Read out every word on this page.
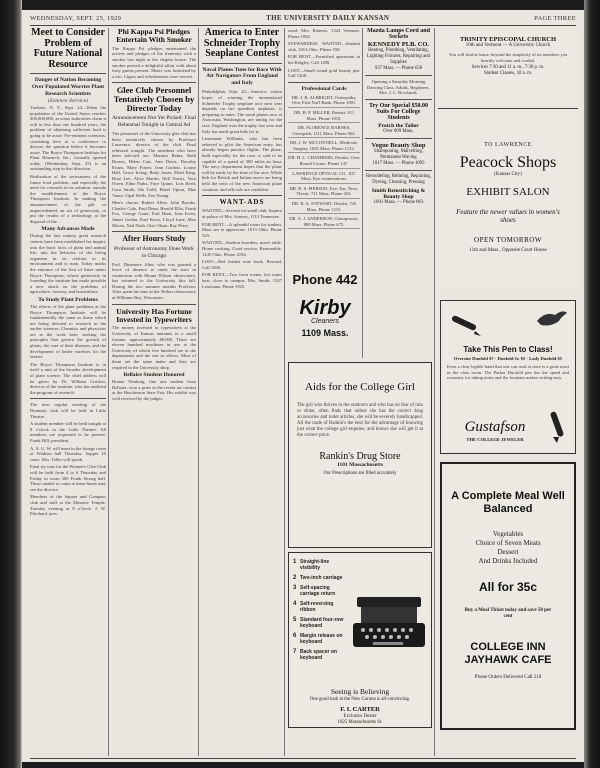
WEDNESDAY, SEPT. 25, 1929	THE UNIVERSITY DAILY KANSAN	PAGE THREE
Meet to Consider Problem of Future National Resource
Danger of Nation Becoming Over Populated Worries Plant Research Scientists
(Science Service)
Yonkers, N. Y., Sept. 24—When the population of the United States reaches 200,000,000, as some authorities claim it will in less than one hundred years, the problem of obtaining sufficient food is going to be acute. Pre-eminent scientists, convening here in a conference to discuss the question before it becomes acute. The Boyce Thompson Institute for Plant Research, Inc., formally opened today. (Wednesday, Sept. 25) is an outstanding step in that direction.
Realization of the seriousness of the future food problem, and especially the need for research in its solution, outside the establishment of the Boyce Thompson Institute. In making the announcement of the gift so unprecedented, an act of generosity, to put the results of a technology at the disposal of the ...
Many Advances Made
During the last century great research centers have been established for inquiry into the basic facts of plant and animal life, into the behavior of the living organism in its relation to its environment and to man. Today marks the entrance of the first of these under Boyce Thompson, whose generosity in founding the institute has made possible a new attack on the problems of agriculture, forestry, and horticulture.
To Study Plant Problems
The efforts of the plant problems at the Boyce Thompson Institute will be fundamentally the same as those which are being devoted to research in the earlier sciences. Chemists and physicists are at the work here, seeking the principles that govern the growth of plants, the cure of their diseases, and the development of better varieties for the farmer.
The Boyce Thompson Institute is in itself a unit of the broader development of plant science. The chief address will be given by Dr. William Crocker, director of the institute, who has outlined the program of research.
The next regular meeting of the Dramatic club will be held in Little Theatre.
A student member will be held tonight at 8 o'clock in the Little Theatre. All members are requested to be present. Frank Hill, president.
A. A. U. W. will meet in the lounge room of Watkins hall Thursday. Supper 25 cents. Mrs. Teller will speak.
Final try-outs for the Women's Glee Club will be held from 4 to 6 Thursday and Friday in room 300 Frank Strong hall. Those unable to come at these hours may see the director.
Members of the Square and Compass club and staff at the Masonic Temple. Tuesday evening at 8 o'clock. J. W. Pritchard, pres.
Phi Kappa Psi Pledges Entertain With Smoker
The Kappa Psi pledges entertained the actives and pledges of the fraternity with a smoker last night at the chapter house. The smoker proved a delightful affair with about forty guests present. Music was furnished by a trio. Cigars and refreshments were served.
Glee Club Personnel Tentatively Chosen by Director Today
Announcement Not Yet Picked: Final Rehearsal Tonight in Central Ad
The personnel of the University glee club has been tentatively chosen by Professor Lawrence, director of the club. Final rehearsal tonight. The members who have been selected are: Mariam Baker, Ruth Brown, Helen Carr, Ann Davis, Dorothy Evans, Mary Foster, Jean Gordon, Louise Hall, Grace Irving, Betty Jones, Ethel King, Rose Lee, Alice Martin, Nell Norris, Vera Owen, Edna Parks, Faye Quinn, Lois Reed, Cora Smith, Ida Todd, Hazel Upton, Mae Vance, Opal Wells, Zoe Young.
Men's chorus: Robert Allen, John Brooks, Charles Cole, Paul Dean, Harold Ellis, Frank Fox, George Grant, Earl Hunt, Ivan Irwin, James Jordan, Karl Knox, Lloyd Lane, Max Moore, Ned Nash, Otto Olson, Ray Perry.
After Hours Study
Professor of Astronomy Does Work in Chicago
Prof. Dinsmore Alter, who was granted a leave of absence to study the stars in connection with Mount Wilson observatory, has returned to the University this fall. During the two summer months Professor Alter spent his time at the Yerkes observatory at Williams Bay, Wisconsin.
University Has Fortune Invested in Typewriters
The money invested in typewriters at the University of Kansas amounts to a small fortune, approximately $8,000. There are eleven hundred machines in use at the University of which five hundred are in the departments and the rest in offices. Most of them are the same make and they are repaired in the University shop.
Bellaire Student Honored
Homer Neuburg, fine arts student from Bellaire, won a prize in the recent art contest at the Hutchinson State Fair. His exhibit was well received by the judges.
America to Enter Schneider Trophy Seaplane Contest
Naval Planes Tune for Race With Air Navigators From England and Italy
Philadelphia, Sept. 25—America, whose hopes of winning the international Schneider Trophy seaplane race next year depends on her speediest airplanes, is preparing to enter. The naval planes now at Anacostia, Washington, are tuning for the race. England won the trophy last year and Italy has made great bids for it.
Lieutenant Williams, who has been selected to pilot the American entry, has already begun practice flights. The plane, built especially for the race, is said to be capable of a speed of 300 miles an hour. The navy department hopes that the plane will be ready by the time of the race. While bids for British and Italian racers are being held the tests of the new American plane continue, and officials are confident.
WANT-ADS
WANTED—Several for small club, Inquire at palace of Mrs. Somers, 1113 Tennessee.
FOR RENT—A splendid room for student. Must see to appreciate. 1013 Ohio. Phone 529.
WANTED—Student boarders, men's table. Home cooking. Good service. Reasonable. 1245 Ohio. Phone 2194.
LOST—Red leather note book. Reward. Call 1696.
FOR RENT—Two front rooms, hot water heat, close to campus. Mrs. Smith, 1337 Louisiana. Phone 1925.
ward. Mrs. Roberts, 1324 Vermont. Phone 1892.
STEWARDESS WANTED—Student club, 1013 Ohio. Phone 558.
FOR RENT—Furnished apartment in the Ridgley. Call 1496.
LOST—Small round gold beauty pin. Call 1268.
Professional Cards
DR. J. R. ALBRIGHT, Osteopathy, Over First Nat'l Bank, Phone 1001.
DR. H. P. MILLER, Dentist, 811 Mass. Phone 1019.
DR. FLORENCE BARNES, Osteopath, 1111 Mass. Phone 562.
DR. J. W. MCCONNELL, Medicine, Surgery, 1035 Mass. Phone 1132.
DR. H. L. CHAMBERS, Dentist, Over Round Corner. Phone 147.
LAWRENCE OPTICAL CO., 827 Mass. Eye examinations.
DR. R. S. PIERSON, Eye, Ear, Nose, Throat. 711 Mass. Phone 410.
DR. R. A. STEWART, Dentist, 745 Mass. Phone 1215.
DR. A. J. ANDERSON, Chiropractor, 809 Mass. Phone 675.
Phone 442
Kirby
Cleaners
1109 Mass.
Mazda Lamps Cord and Sockets
KENNEDY PLB. CO.
Heating, Plumbing, Ventilating, Lighting Fixtures, Repairing and Supplies
937 Mass. — Phone 658
Opening a Saturday Morning Dancing Class. Adults, Beginners. Mrs. J. L. Rowlands.
Try Our Special $50.00 Suits For College Students
Protch the Tailor
Over 809 Mass.
Vogue Beauty Shop
Shampooing, Marcelling, Permanent Waving
1017 Mass. — Phone 1093
Remodeling, Relining, Repairing, Dyeing, Cleaning, Pressing
Smith Remstitching & Beauty Shop
1001 Mass. — Phone 863
Aids for the College Girl
The girl who thrives in the outdoors and who has no fear of rain or shine, often finds that unless she has the correct drug accessories and toilet articles, she will be severely handicapped. All the trade of Rankin's the best for the advantage of knowing just what the college girl requires, and knows she will get it at the correct price.
Rankin's Drug Store
1101 Massachusetts
Our Prescriptions are filled accurately
1 Straight-line visibility
2 Two-inch carriage
3 Self-spacing carriage return
4 Self-reversing ribbon
5 Standard four-row keyboard
6 Margin release on keyboard
7 Back spacer on keyboard
Seeing is Believing
One good look at the New Corona is all-convincing.
F. I. CARTER
Exclusive Dealer
1025 Massachusetts St.
TRINITY EPISCOPAL CHURCH
10th and Vermont — A University Church
You will find at home, beyond the simplicity of its members you heartily welcome and cordial.
Services 7:30 and 11 a. m., 7:30 p. m.
Student Classes, 10 a. m.
TO LAWRENCE
Peacock Shops
(Kansas City)
EXHIBIT SALON
Feature the newer values in women's shoes
OPEN TOMORROW
11th and Mass., Opposite Court House
Take This Pen to Class!
Oversize Duofold $7 · Duofold Jr. $5 · Lady Duofold $5
Even a clear legible hand that one can read at once is a great asset in the class room. The Parker Duofold pen has the speed and economy for taking notes and the fountain makes writing easy.
Gustafson
THE COLLEGE JEWELER
A Complete Meal Well Balanced
Vegetables
Choice of Seven Meats
Dessert
And Drinks Included
All for 35c
Buy a Meal Ticket today and save 50 per cent
COLLEGE INN JAYHAWK CAFE
Phone Orders Delivered Call 218
